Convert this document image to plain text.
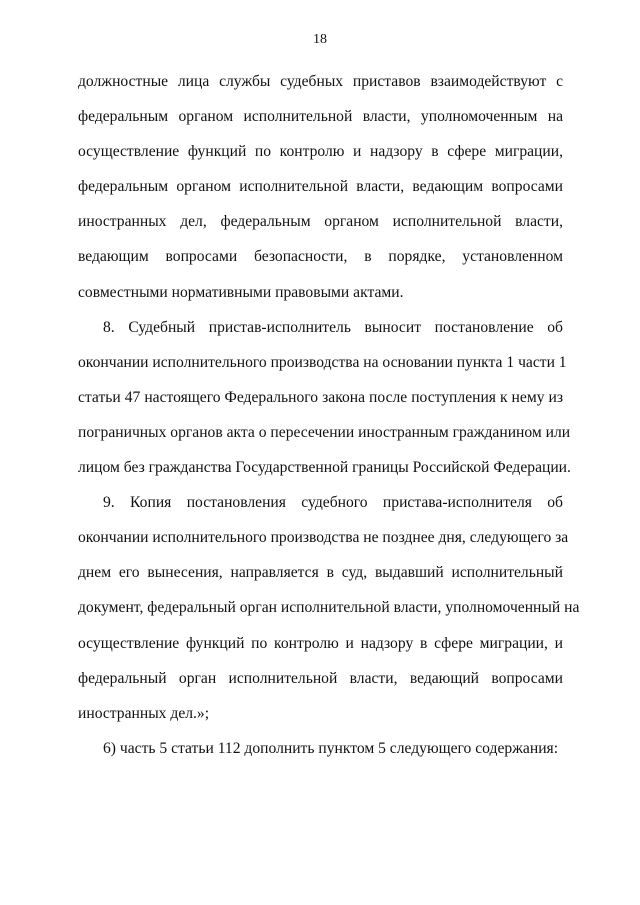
18

должностные лица службы судебных приставов взаимодействуют с
федеральным органом исполнительной власти, уполномоченным на
осуществление функций по контролю и надзору в сфере миграции,
федеральным органом исполнительной власти, ведающим вопросами
иностранных дел, федеральным органом исполнительной власти,
ведающим вопросами безопасности, в порядке, установленном
совместными нормативными правовыми актами.

8. Судебный пристав-исполнитель выносит постановление об
окончании исполнительного производства на основании пункта 1 части 1
статьи 47 настоящего Федерального закона после поступления к нему из
пограничных органов акта о пересечении иностранным гражданином или
лицом без гражданства Государственной границы Российской Федерации.

9. Копия постановления судебного пристава-исполнителя об
окончании исполнительного производства не позднее дня, следующего за
днем его вынесения, направляется в суд, выдавший исполнительный
документ, федеральный орган исполнительной власти, уполномоченный на
осуществление функций по контролю и надзору в сфере миграции, и
федеральный орган исполнительной власти, ведающий вопросами
иностранных дел.»;

6) часть 5 статьи 112 дополнить пунктом 5 следующего содержания:
